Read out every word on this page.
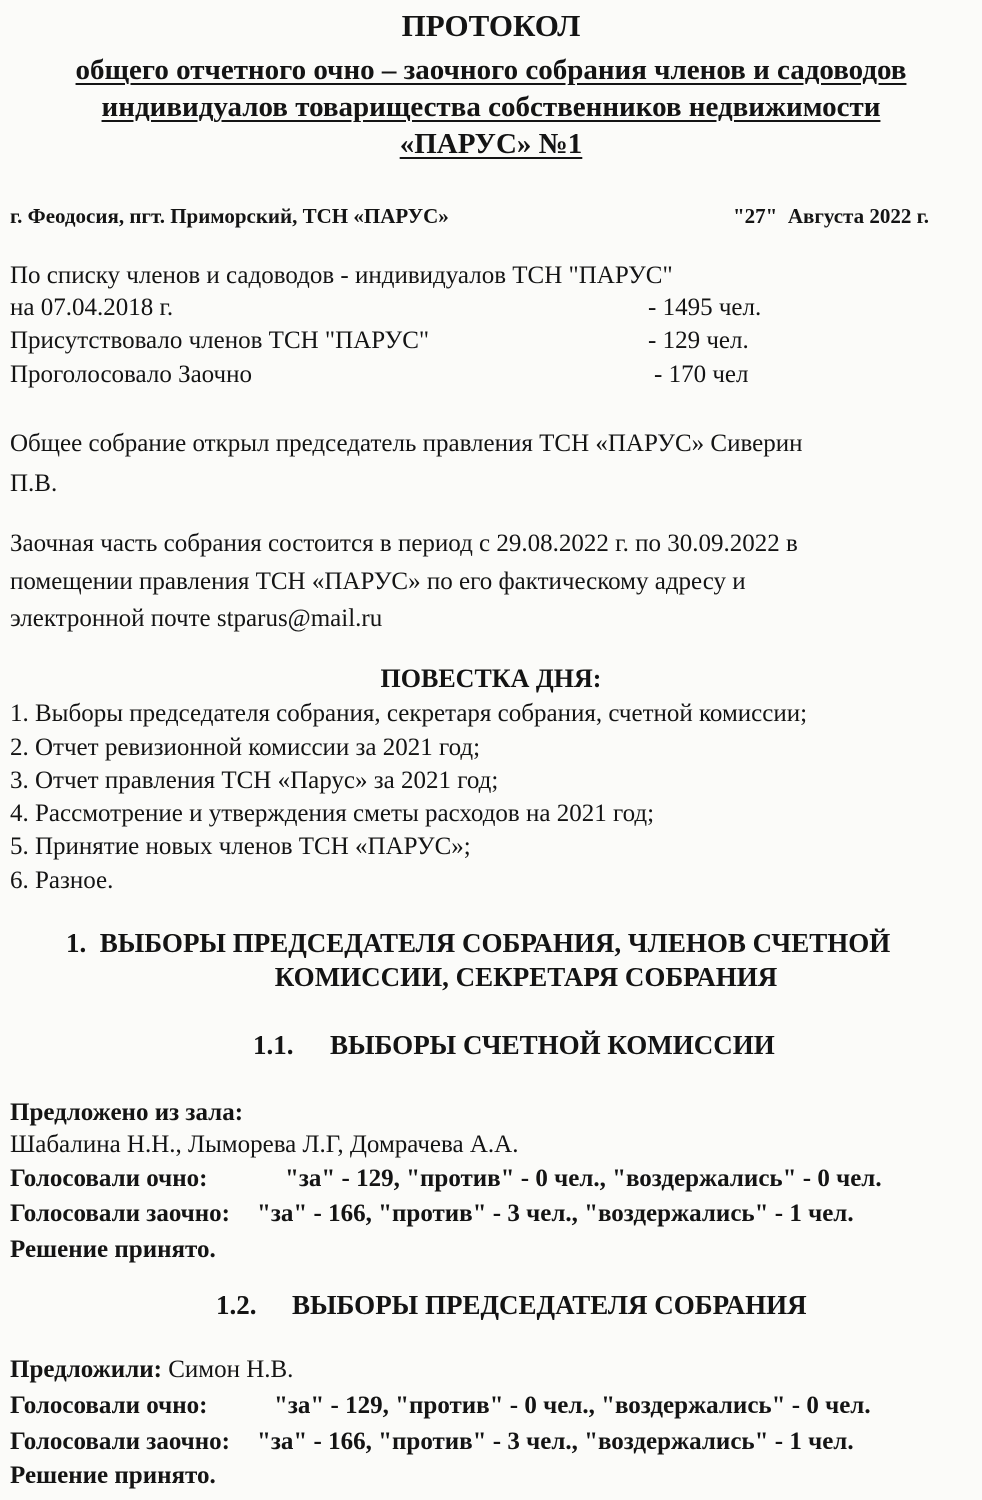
ПРОТОКОЛ
общего отчетного очно – заочного собрания членов и садоводов
индивидуалов товарищества собственников недвижимости
«ПАРУС» №1
г. Феодосия, пгт. Приморский, ТСН «ПАРУС»	"27"  Августа 2022 г.
По списку членов и садоводов - индивидуалов ТСН "ПАРУС"
на 07.04.2018 г.	- 1495 чел.
Присутствовало членов ТСН "ПАРУС"	- 129 чел.
Проголосовало Заочно	- 170 чел
Общее собрание открыл председатель правления ТСН «ПАРУС» Сиверин
П.В.
Заочная часть собрания состоится в период с 29.08.2022 г. по 30.09.2022 в
помещении правления ТСН «ПАРУС» по его фактическому адресу и
электронной почте stparus@mail.ru
ПОВЕСТКА ДНЯ:
1. Выборы председателя собрания, секретаря собрания, счетной комиссии;
2. Отчет ревизионной комиссии за 2021 год;
3. Отчет правления ТСН «Парус» за 2021 год;
4. Рассмотрение и утверждения сметы расходов на 2021 год;
5. Принятие новых членов ТСН «ПАРУС»;
6. Разное.
1.  ВЫБОРЫ ПРЕДСЕДАТЕЛЯ СОБРАНИЯ, ЧЛЕНОВ СЧЕТНОЙ
КОМИССИИ, СЕКРЕТАРЯ СОБРАНИЯ
1.1. ВЫБОРЫ СЧЕТНОЙ КОМИССИИ
Предложено из зала:
Шабалина Н.Н., Лыморева Л.Г, Домрачева А.А.
Голосовали очно:	"за" - 129, "против" - 0 чел., "воздержались" - 0 чел.
Голосовали заочно: "за" - 166, "против" - 3 чел., "воздержались" - 1 чел.
Решение принято.
1.2. ВЫБОРЫ ПРЕДСЕДАТЕЛЯ СОБРАНИЯ
Предложили: Симон Н.В.
Голосовали очно:	"за" - 129, "против" - 0 чел., "воздержались" - 0 чел.
Голосовали заочно: "за" - 166, "против" - 3 чел., "воздержались" - 1 чел.
Решение принято.
